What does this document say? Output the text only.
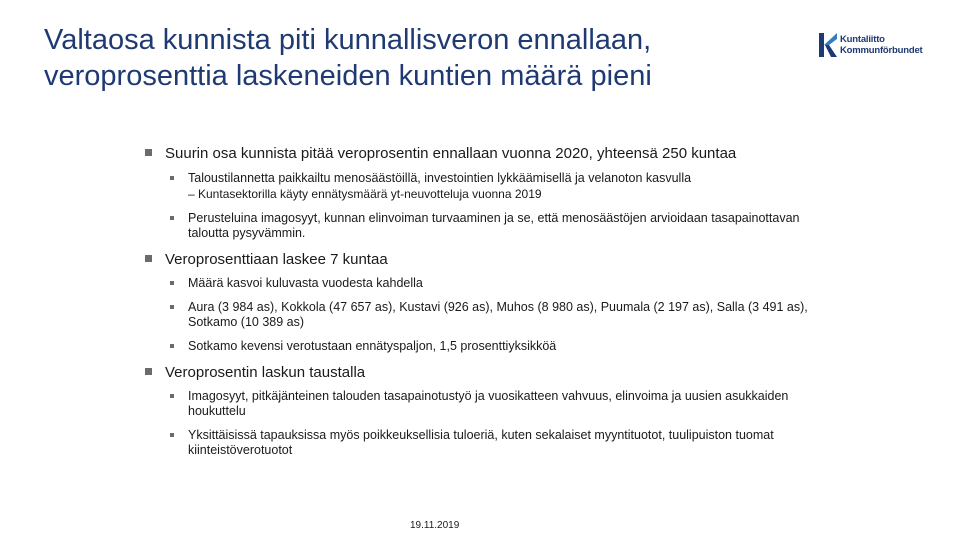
Valtaosa kunnista piti kunnallisveron ennallaan,
veroprosenttia laskeneiden kuntien määrä pieni
Kuntaliitto
Kommunförbundet
Suurin osa kunnista pitää veroprosentin ennallaan vuonna 2020, yhteensä 250 kuntaa
Taloustilannetta paikkailtu menosäästöillä, investointien lykkäämisellä ja velanoton kasvulla
– Kuntasektorilla käyty ennätysmäärä yt-neuvotteluja vuonna 2019
Perusteluina imagosyyt, kunnan elinvoiman turvaaminen ja se, että menosäästöjen arvioidaan tasapainottavan taloutta pysyvämmin.
Veroprosenttiaan laskee 7 kuntaa
Määrä kasvoi kuluvasta vuodesta kahdella
Aura (3 984 as), Kokkola (47 657 as), Kustavi (926 as), Muhos (8 980 as), Puumala (2 197 as), Salla (3 491 as), Sotkamo (10 389 as)
Sotkamo kevensi verotustaan ennätyspaljon, 1,5 prosenttiyksikköä
Veroprosentin laskun taustalla
Imagosyyt, pitkäjänteinen talouden tasapainotustyö ja vuosikatteen vahvuus, elinvoima ja uusien asukkaiden houkuttelu
Yksittäisissä tapauksissa myös poikkeuksellisia tuloeriä, kuten sekalaiset myyntituotot, tuulipuiston tuomat kiinteistöverotuotot
19.11.2019
